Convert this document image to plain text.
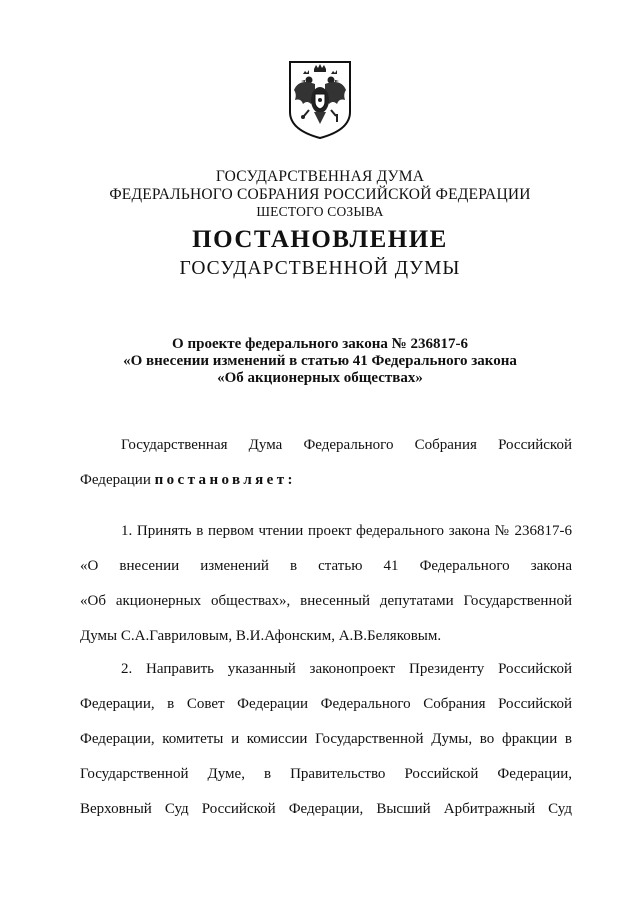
ГОСУДАРСТВЕННАЯ ДУМА
ФЕДЕРАЛЬНОГО СОБРАНИЯ РОССИЙСКОЙ ФЕДЕРАЦИИ
ШЕСТОГО СОЗЫВА
ПОСТАНОВЛЕНИЕ
ГОСУДАРСТВЕННОЙ ДУМЫ
О проекте федерального закона № 236817-6
«О внесении изменений в статью 41 Федерального закона
«Об акционерных обществах»
Государственная Дума Федерального Собрания Российской
Федерации постановляет:
1. Принять в первом чтении проект федерального закона № 236817-6
«О внесении изменений в статью 41 Федерального закона
«Об акционерных обществах», внесенный депутатами Государственной
Думы С.А.Гавриловым, В.И.Афонским, А.В.Беляковым.
2. Направить указанный законопроект Президенту Российской
Федерации, в Совет Федерации Федерального Собрания Российской
Федерации, комитеты и комиссии Государственной Думы, во фракции в
Государственной Думе, в Правительство Российской Федерации,
Верховный Суд Российской Федерации, Высший Арбитражный Суд
